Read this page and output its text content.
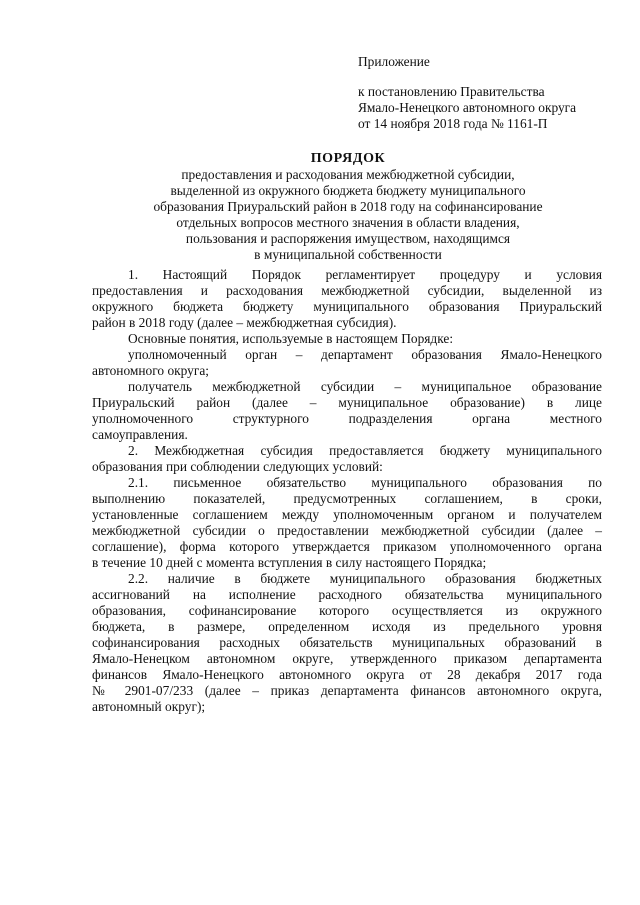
Приложение
к постановлению Правительства
Ямало-Ненецкого автономного округа
от 14 ноября 2018 года № 1161-П
ПОРЯДОК
предоставления и расходования межбюджетной субсидии,
выделенной из окружного бюджета бюджету муниципального
образования Приуральский район в 2018 году на софинансирование
отдельных вопросов местного значения в области владения,
пользования и распоряжения имуществом, находящимся
в муниципальной собственности
1. Настоящий Порядок регламентирует процедуру и условия
предоставления и расходования межбюджетной субсидии, выделенной из
окружного бюджета бюджету муниципального образования Приуральский
район в 2018 году (далее – межбюджетная субсидия).
Основные понятия, используемые в настоящем Порядке:
уполномоченный орган – департамент образования Ямало-Ненецкого
автономного округа;
получатель межбюджетной субсидии – муниципальное образование
Приуральский район (далее – муниципальное образование) в лице
уполномоченного структурного подразделения органа местного
самоуправления.
2. Межбюджетная субсидия предоставляется бюджету муниципального
образования при соблюдении следующих условий:
2.1. письменное обязательство муниципального образования по
выполнению показателей, предусмотренных соглашением, в сроки,
установленные соглашением между уполномоченным органом и получателем
межбюджетной субсидии о предоставлении межбюджетной субсидии (далее –
соглашение), форма которого утверждается приказом уполномоченного органа
в течение 10 дней с момента вступления в силу настоящего Порядка;
2.2. наличие в бюджете муниципального образования бюджетных
ассигнований на исполнение расходного обязательства муниципального
образования, софинансирование которого осуществляется из окружного
бюджета, в размере, определенном исходя из предельного уровня
софинансирования расходных обязательств муниципальных образований в
Ямало-Ненецком автономном округе, утвержденного приказом департамента
финансов Ямало-Ненецкого автономного округа от 28 декабря 2017 года
№ 2901-07/233 (далее – приказ департамента финансов автономного округа,
автономный округ);
